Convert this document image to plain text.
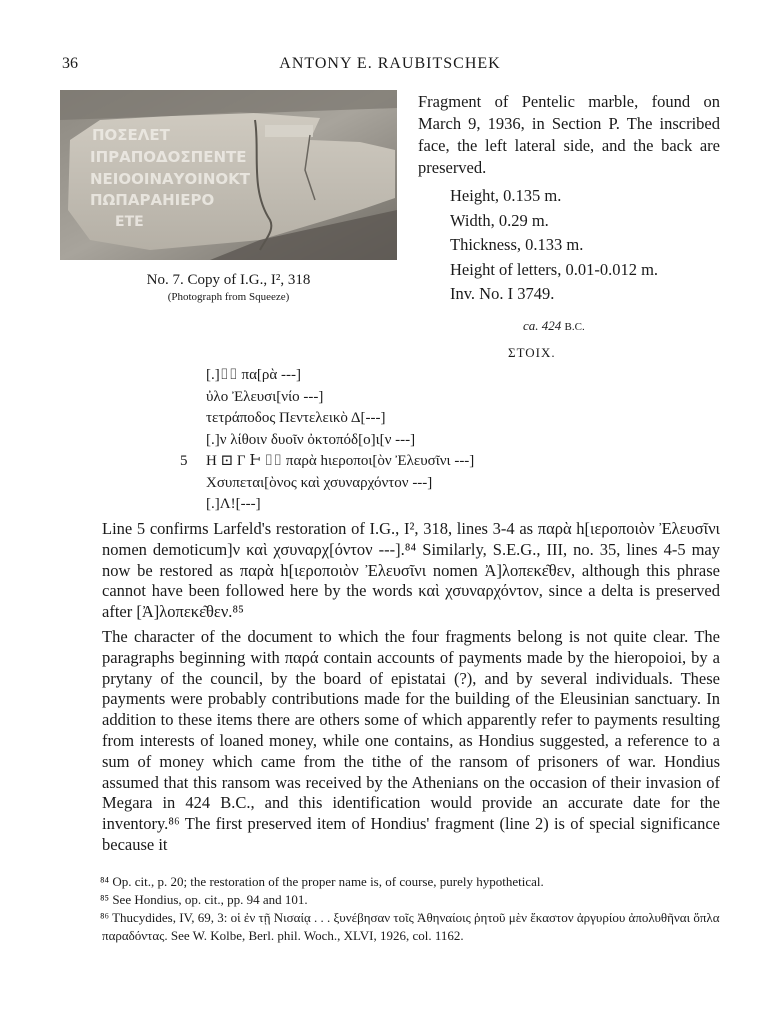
36	ANTONY E. RAUBITSCHEK
ΠΟΣΕΛΕΤ
ΙΠΡΑΠΟΔΟΣΠΕΝΤΕ
ΝΕΙΟΟΙΝΑΥΟΙΝΟΚΤ
ΠΩΠΑΡΑΗΙΕΡΟ
ΕΤΕ
No. 7. Copy of I.G., I², 318
(Photograph from Squeeze)
Fragment of Pentelic marble, found on March 9, 1936, in Section P. The inscribed face, the left lateral side, and the back are preserved.
Height, 0.135 m.
Width, 0.29 m.
Thickness, 0.133 m.
Height of letters, 0.01-0.012 m.
Inv. No. I 3749.
ca. 424 B.C.
ΣΤΟΙΧ.
[.]⌷⌷ πα[ρὰ ---]
ὐλο Ἐλευσι[νίο ---]
τετράποδος Πεντελεικὸ Δ[---]
[.]ν λίθοιν δυοῖν ὀκτοπόδ[ο]ι[ν ---]
5	Η ⊡ Γ Ͱ ⌷⌷ παρὰ hιεροποι[ὸν Ἐλευσῖνι ---]
Χσυπεται[ὸνος καὶ χσυναρχόντον ---]
[.]Λ![---]
Line 5 confirms Larfeld's restoration of I.G., I², 318, lines 3-4 as παρὰ h[ιεροποιὸν Ἐλευσῖνι nomen demoticum]ν καὶ χσυναρχ[όντον ---].⁸⁴ Similarly, S.E.G., III, no. 35, lines 4-5 may now be restored as παρὰ h[ιεροποιὸν Ἐλευσῖνι nomen Ἀ]λοπεκε͂θεν, although this phrase cannot have been followed here by the words καὶ χσυναρχόντον, since a delta is preserved after [Ἀ]λοπεκε͂θεν.⁸⁵
The character of the document to which the four fragments belong is not quite clear. The paragraphs beginning with παρά contain accounts of payments made by the hieropoioi, by a prytany of the council, by the board of epistatai (?), and by several individuals. These payments were probably contributions made for the building of the Eleusinian sanctuary. In addition to these items there are others some of which apparently refer to payments resulting from interests of loaned money, while one contains, as Hondius suggested, a reference to a sum of money which came from the tithe of the ransom of prisoners of war. Hondius assumed that this ransom was received by the Athenians on the occasion of their invasion of Megara in 424 B.C., and this identification would provide an accurate date for the inventory.⁸⁶ The first preserved item of Hondius' fragment (line 2) is of special significance because it
⁸⁴ Op. cit., p. 20; the restoration of the proper name is, of course, purely hypothetical.
⁸⁵ See Hondius, op. cit., pp. 94 and 101.
⁸⁶ Thucydides, IV, 69, 3: οἱ ἐν τῇ Νισαίᾳ . . . ξυνέβησαν τοῖς Ἀθηναίοις ῥητοῦ μὲν ἕκαστον ἀργυρίου ἀπολυθῆναι ὅπλα παραδόντας. See W. Kolbe, Berl. phil. Woch., XLVI, 1926, col. 1162.
